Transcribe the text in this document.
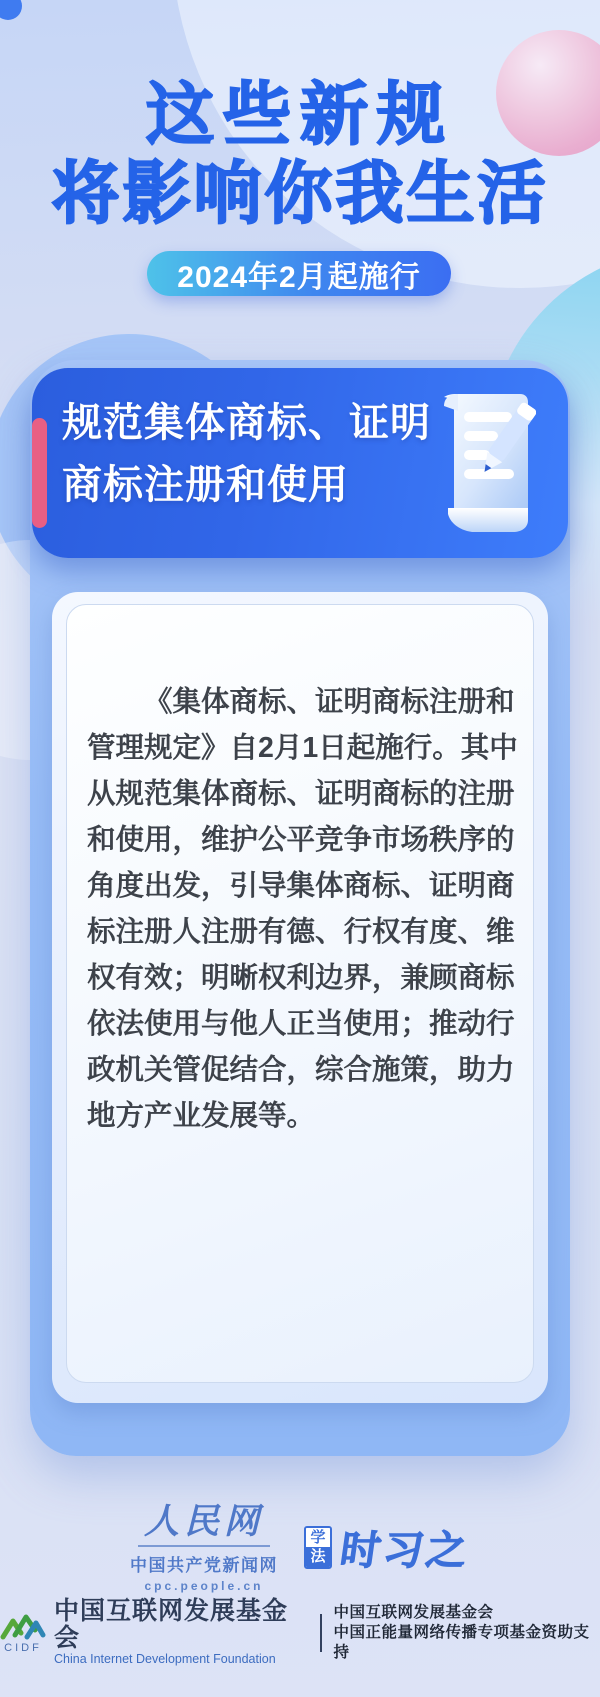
这些新规
将影响你我生活
2024年2月起施行
规范集体商标、证明
商标注册和使用

《集体商标、证明商标注册和管理规定》自2月1日起施行。其中从规范集体商标、证明商标的注册和使用，维护公平竞争市场秩序的角度出发，引导集体商标、证明商标注册人注册有德、行权有度、维权有效；明晰权利边界，兼顾商标依法使用与他人正当使用；推动行政机关管促结合，综合施策，助力地方产业发展等。

人民网
中国共产党新闻网
cpc.people.cn
学
法 时习之
CIDF
中国互联网发展基金会
China Internet Development Foundation
中国互联网发展基金会
中国正能量网络传播专项基金资助支持
